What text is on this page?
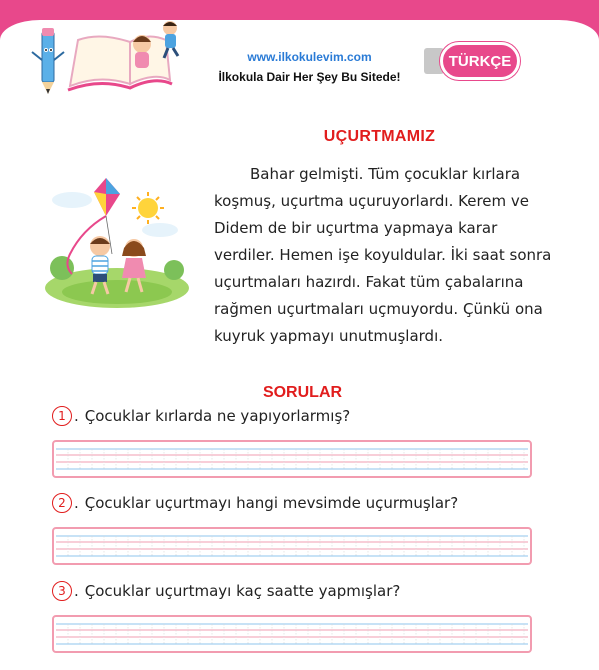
www.ilkokulevim.com
İlkokula Dair Her Şey Bu Sitede!
TÜRKÇE
UÇURTMAMIZ
Bahar gelmişti. Tüm çocuklar kırlara
koşmuş, uçurtma uçuruyorlardı. Kerem ve
Didem de bir uçurtma yapmaya karar
verdiler. Hemen işe koyuldular. İki saat sonra
uçurtmaları hazırdı. Fakat tüm çabalarına
rağmen uçurtmaları uçmuyordu. Çünkü ona
kuyruk yapmayı unutmuşlardı.
SORULAR
1 . Çocuklar kırlarda ne yapıyorlarmış?
2 . Çocuklar uçurtmayı hangi mevsimde uçurmuşlar?
3 . Çocuklar uçurtmayı kaç saatte yapmışlar?
